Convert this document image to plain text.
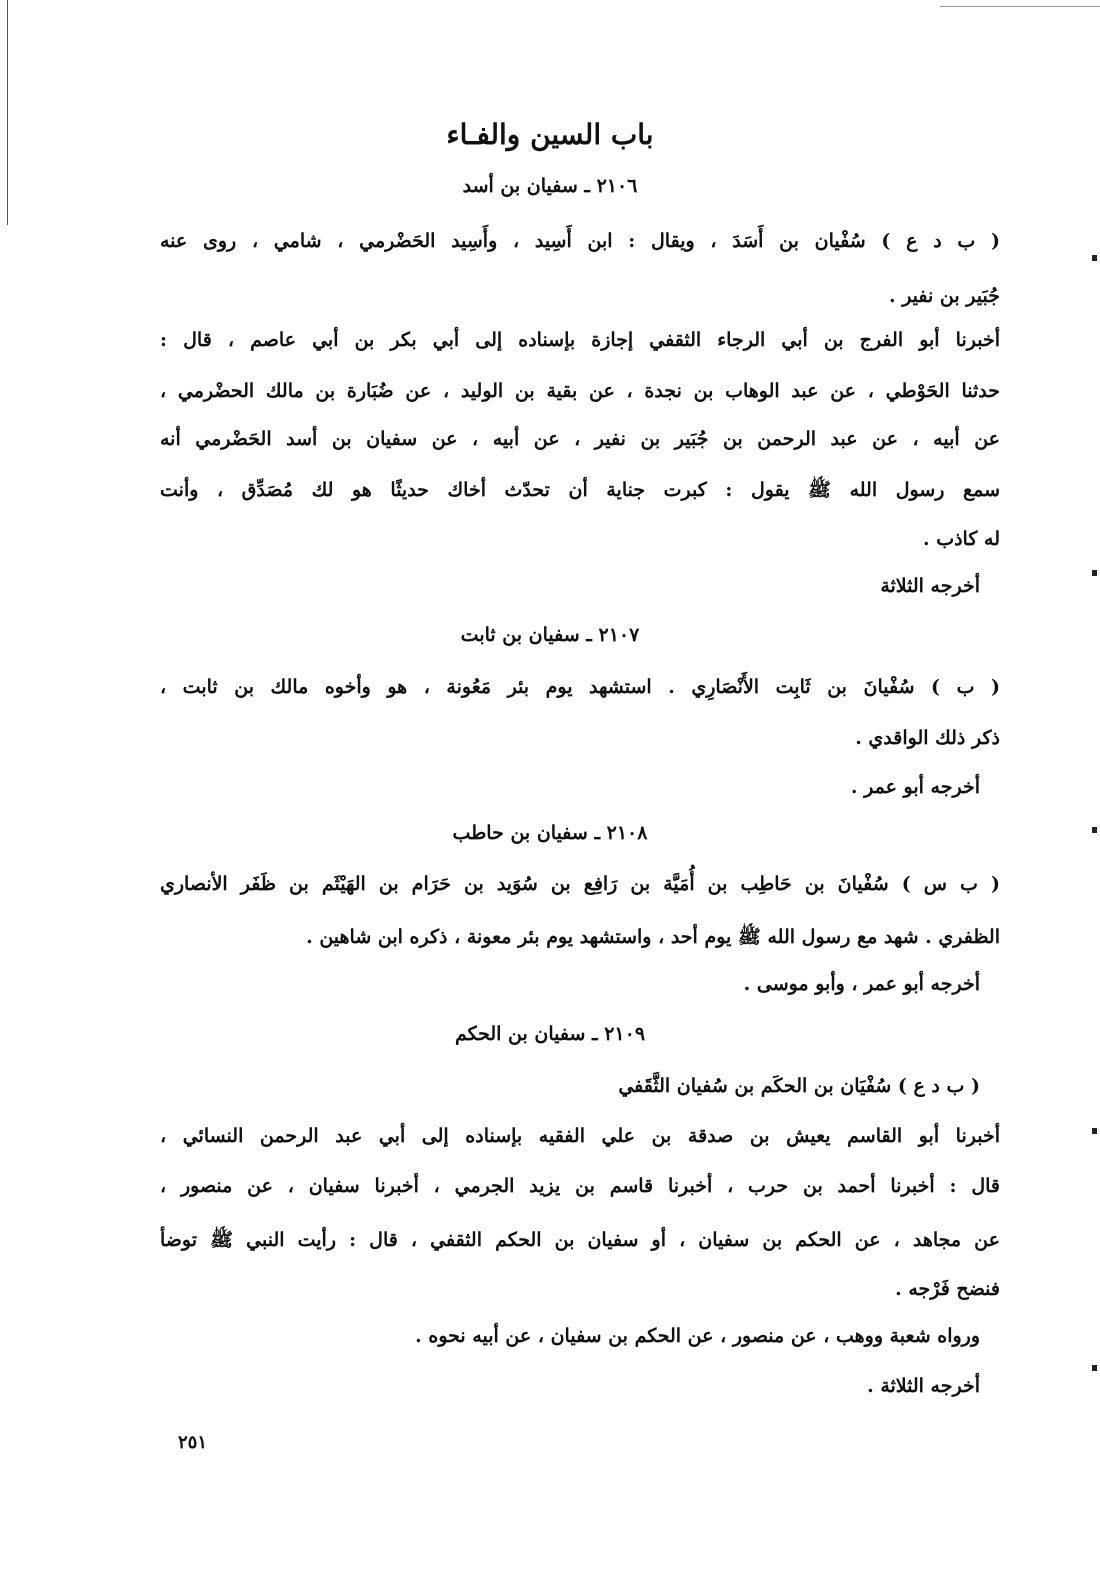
باب السين والفـاء
٢١٠٦ ـ سفيان بن أسد
( ب د ع ) سُفْيان بن أَسَدَ ، ويقال : ابن أَسِيد ، وأَسِيد الحَضْرمي ، شامي ، روى عنه
جُبَير بن نفير .
أخبرنا أبو الفرج بن أبي الرجاء الثقفي إجازة بإسناده إلى أبي بكر بن أبي عاصم ، قال :
حدثنا الحَوْطي ، عن عبد الوهاب بن نجدة ، عن بقية بن الوليد ، عن ضُبَارة بن مالك الحضْرمي ،
عن أبيه ، عن عبد الرحمن بن جُبَير بن نفير ، عن أبيه ، عن سفيان بن أسد الحَضْرمي أنه
سمع رسول الله ﷺ يقول : كبرت جناية أن تحدّث أخاك حديثًا هو لك مُصَدِّق ، وأنت
له كاذب .
أخرجه الثلاثة
٢١٠٧ ـ سفيان بن ثابت
( ب ) سُفْيانَ بن ثَابِت الأَنْصَارِي . استشهد يوم بئر مَعُونة ، هو وأخوه مالك بن ثابت ،
ذكر ذلك الواقدي .
أخرجه أبو عمر .
٢١٠٨ ـ سفيان بن حاطب
( ب س ) سُفْيانَ بن حَاطِب بن أُمَيَّة بن رَافِع بن سُوَيد بن حَرَام بن الهَيْثَم بن ظَفَر الأنصاري
الظفري . شهد مع رسول الله ﷺ يوم أحد ، واستشهد يوم بئر معونة ، ذكره ابن شاهين .
أخرجه أبو عمر ، وأبو موسى .
٢١٠٩ ـ سفيان بن الحكم
( ب د ع ) سُفْيَان بن الحكَم بن سُفيان الثَّقَفي
أخبرنا أبو القاسم يعيش بن صدقة بن علي الفقيه بإسناده إلى أبي عبد الرحمن النسائي ،
قال : أخبرنا أحمد بن حرب ، أخبرنا قاسم بن يزيد الجرمي ، أخبرنا سفيان ، عن منصور ،
عن مجاهد ، عن الحكم بن سفيان ، أو سفيان بن الحكم الثقفي ، قال : رأيت النبي ﷺ توضأ
فنضح فَرْجه .
ورواه شعبة ووهب ، عن منصور ، عن الحكم بن سفيان ، عن أبيه نحوه .
أخرجه الثلاثة .
٢٥١
